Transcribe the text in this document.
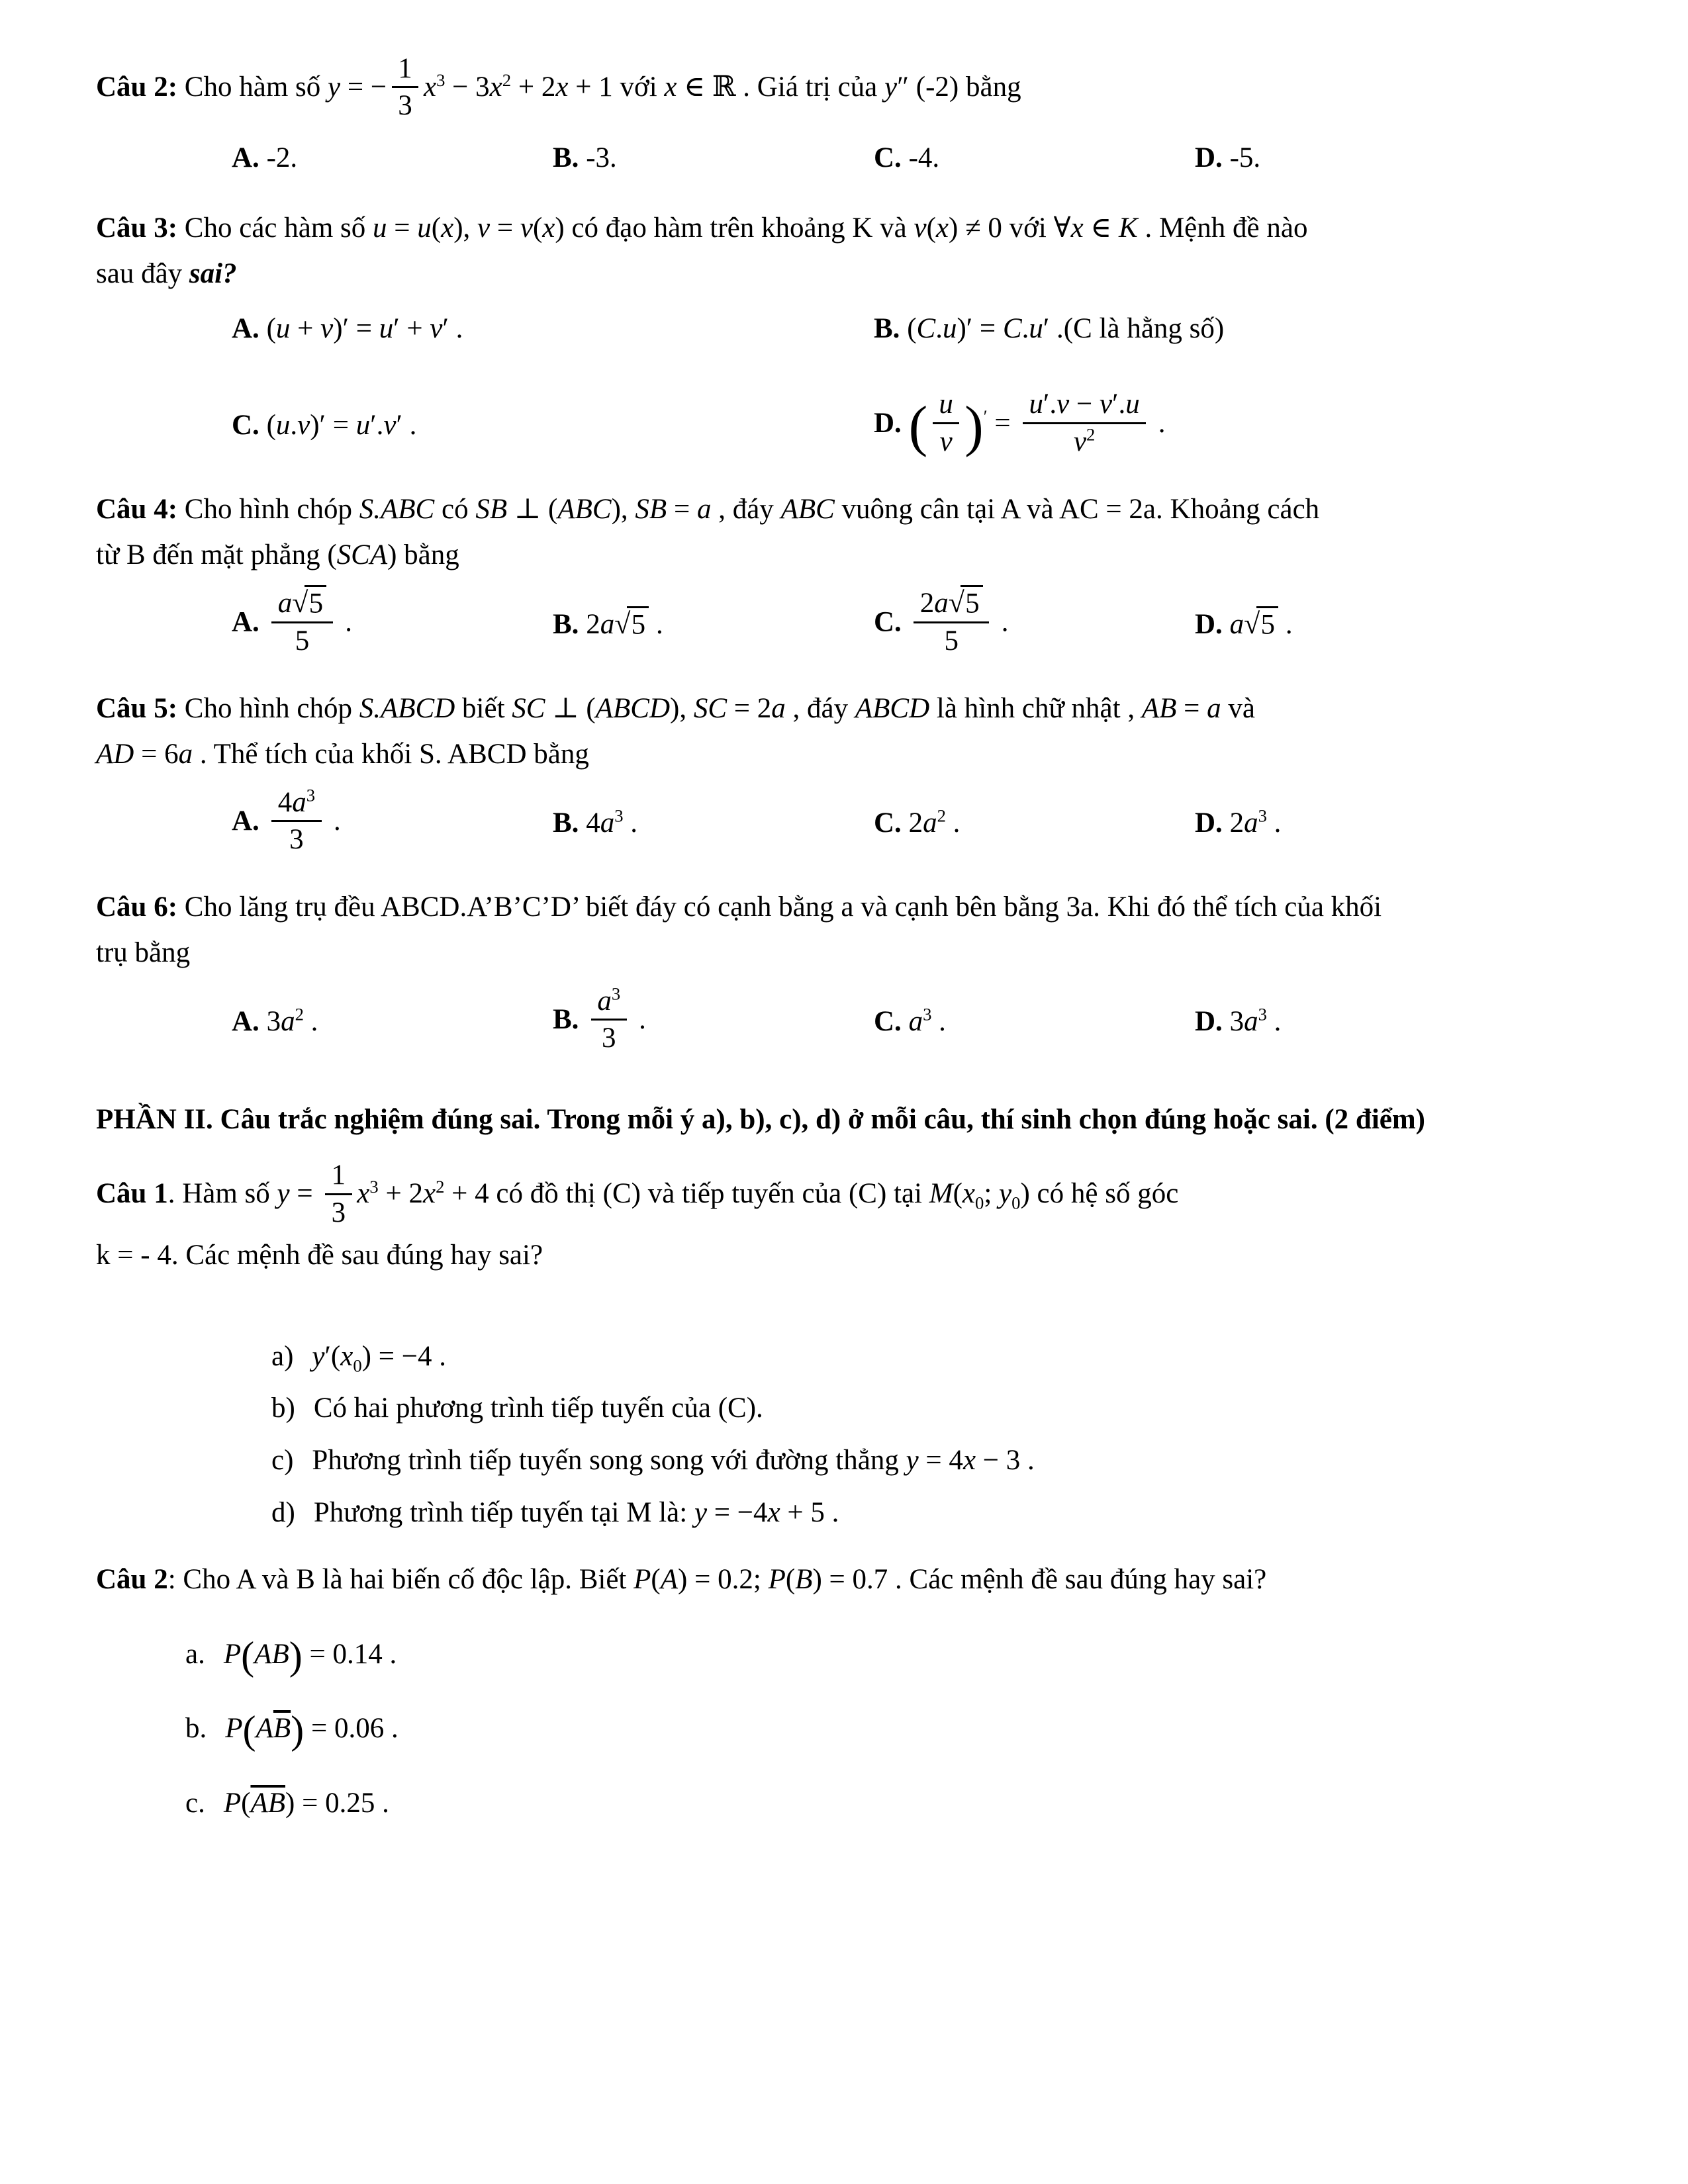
Câu 2: Cho hàm số y = − $\frac{1}{3} x^3 - 3x^2 + 2x + 1$ với x ∈ ℝ . Giá trị của y″ (-2) bằng
A. -2.	B. -3.	C. -4.	D. -5.
Câu 3: Cho các hàm số u = u(x), v = v(x) có đạo hàm trên khoảng K và v(x) ≠ 0 với ∀x ∈ K . Mệnh đề nào
sau đây sai?
A. (u + v)′ = u′ + v′ .	B. (C.u)′ = C.u′ .(C là hằng số)
C. (u.v)′ = u′.v′ .	D. ( $\frac{u}{v} )' = \frac{u'.v - v'.u}{v^2}$ .
Câu 4: Cho hình chóp S.ABC có SB ⊥ (ABC), SB = a , đáy ABC vuông cân tại A và AC = 2a. Khoảng cách
từ B đến mặt phẳng (SCA) bằng
A. $\frac{a√5}{5}$ .	B. 2a√5 .	C. $\frac{2a√5}{5}$ .	D. a√5 .
Câu 5: Cho hình chóp S.ABCD biết SC ⊥ (ABCD), SC = 2a , đáy ABCD là hình chữ nhật , AB = a và
AD = 6a . Thể tích của khối S. ABCD bằng
A. $\frac{4a^3}{3}$ .	B. $4a^3$ .	C. $2a^2$ .	D. $2a^3$ .
Câu 6: Cho lăng trụ đều ABCD.A’B’C’D’ biết đáy có cạnh bằng a và cạnh bên bằng 3a. Khi đó thể tích của khối
trụ bằng
A. $3a^2$ .	B. $\frac{a^3}{3}$ .	C. $a^3$ .	D. $3a^3$ .
PHẦN II. Câu trắc nghiệm đúng sai. Trong mỗi ý a), b), c), d) ở mỗi câu, thí sinh chọn đúng hoặc sai. (2 điểm)
Câu 1. Hàm số $y = \frac{1}{3} x^3 + 2x^2 + 4$ có đồ thị (C) và tiếp tuyến của (C) tại $M(x_0$; $y_0$) có hệ số góc
k = - 4. Các mệnh đề sau đúng hay sai?
a) $y'(x_0) = -4$ .
b) Có hai phương trình tiếp tuyến của (C).
c) Phương trình tiếp tuyến song song với đường thẳng y = 4x − 3 .
d) Phương trình tiếp tuyến tại M là: y = −4x + 5 .
Câu 2: Cho A và B là hai biến cố độc lập. Biết P(A) = 0.2; P(B) = 0.7 . Các mệnh đề sau đúng hay sai?
a. P(AB) = 0.14 .
b. $P(A\overline{B}) = 0.06$ .
c. $P(\overline{AB}) = 0.25$ .
